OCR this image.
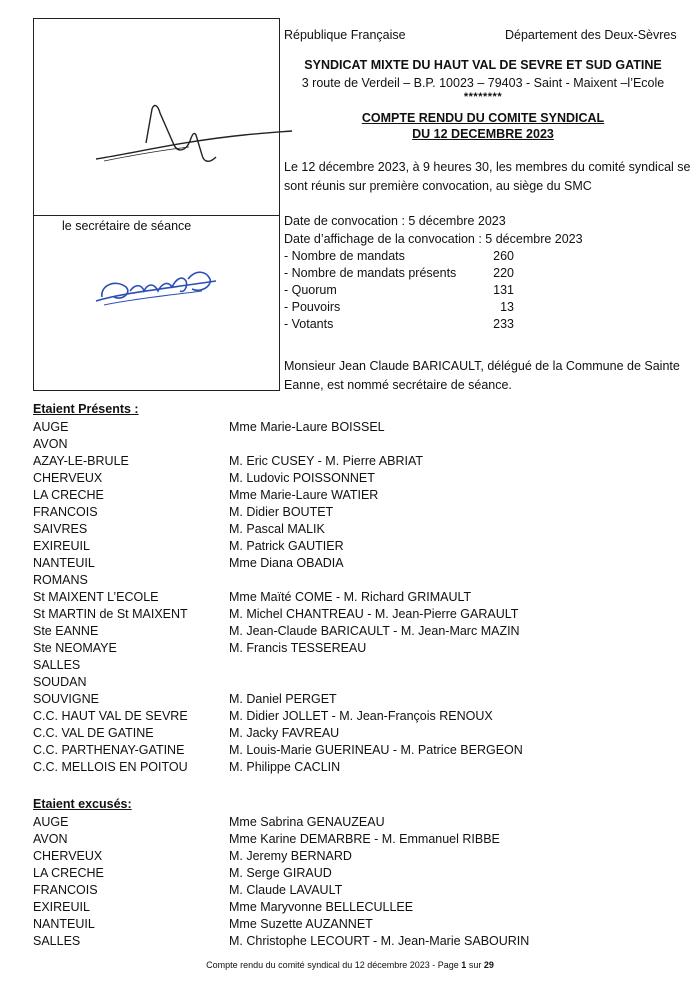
le secrétaire de séance
République Française	Département des Deux-Sèvres
SYNDICAT MIXTE DU HAUT VAL DE SEVRE ET SUD GATINE
3 route de Verdeil – B.P. 10023 – 79403 - Saint - Maixent –l’Ecole
********
COMPTE RENDU DU COMITE SYNDICAL
DU 12 DECEMBRE 2023
Le 12 décembre 2023, à 9 heures 30, les membres du comité syndical se
sont réunis sur première convocation, au siège du SMC
Date de convocation : 5 décembre 2023
Date d’affichage de la convocation : 5 décembre 2023
- Nombre de mandats	260
- Nombre de mandats présents	220
- Quorum	131
- Pouvoirs	13
- Votants	233
Monsieur Jean Claude BARICAULT, délégué de la Commune de Sainte
Eanne, est nommé secrétaire de séance.
Etaient Présents :
AUGE	Mme Marie-Laure BOISSEL
AVON
AZAY-LE-BRULE	M. Eric CUSEY - M. Pierre ABRIAT
CHERVEUX	M. Ludovic POISSONNET
LA CRECHE	Mme Marie-Laure WATIER
FRANCOIS	M. Didier BOUTET
SAIVRES	M. Pascal MALIK
EXIREUIL	M. Patrick GAUTIER
NANTEUIL	Mme Diana OBADIA
ROMANS
St MAIXENT L’ECOLE	Mme Maïté COME - M. Richard GRIMAULT
St MARTIN de St MAIXENT	M. Michel CHANTREAU - M. Jean-Pierre GARAULT
Ste EANNE	M. Jean-Claude BARICAULT - M. Jean-Marc MAZIN
Ste NEOMAYE	M. Francis TESSEREAU
SALLES
SOUDAN
SOUVIGNE	M. Daniel PERGET
C.C. HAUT VAL DE SEVRE	M. Didier JOLLET - M. Jean-François RENOUX
C.C. VAL DE GATINE	M. Jacky FAVREAU
C.C. PARTHENAY-GATINE	M. Louis-Marie GUERINEAU - M. Patrice BERGEON
C.C. MELLOIS EN POITOU	M. Philippe CACLIN
Etaient excusés:
AUGE	Mme Sabrina GENAUZEAU
AVON	Mme Karine DEMARBRE - M. Emmanuel RIBBE
CHERVEUX	M. Jeremy BERNARD
LA CRECHE	M. Serge GIRAUD
FRANCOIS	M. Claude LAVAULT
EXIREUIL	Mme Maryvonne BELLECULLEE
NANTEUIL	Mme Suzette AUZANNET
SALLES	M. Christophe LECOURT - M. Jean-Marie SABOURIN
Compte rendu du comité syndical du 12 décembre 2023 - Page 1 sur 29
